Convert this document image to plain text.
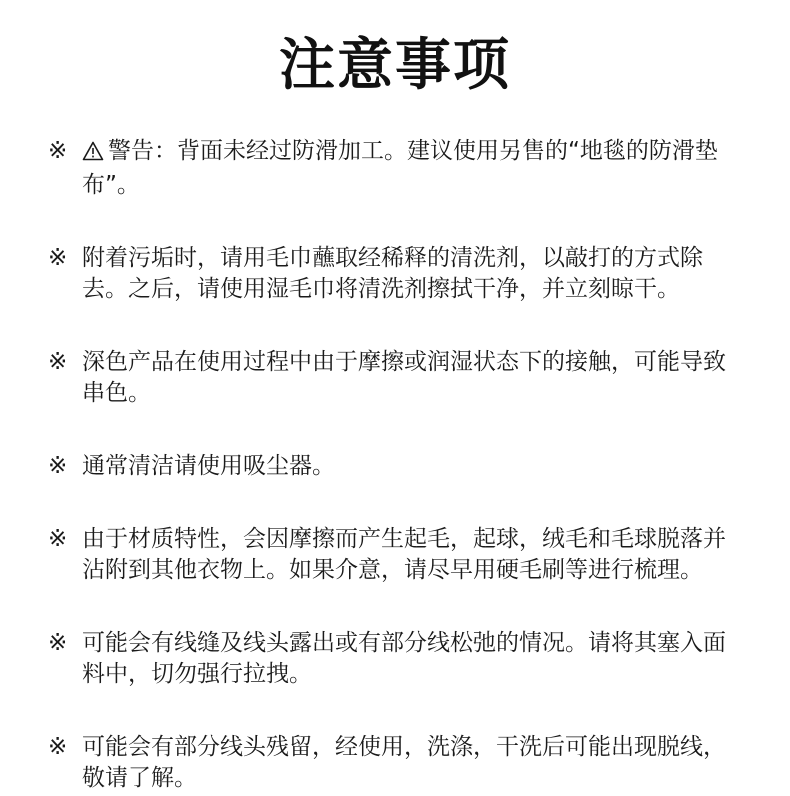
注意事项
※	警告：背面未经过防滑加工。建议使用另售的“地毯的防滑垫布”。
※ 附着污垢时，请用毛巾蘸取经稀释的清洗剂，以敲打的方式除去。之后，请使用湿毛巾将清洗剂擦拭干净，并立刻晾干。
※ 深色产品在使用过程中由于摩擦或润湿状态下的接触，可能导致串色。
※ 通常清洁请使用吸尘器。
※ 由于材质特性，会因摩擦而产生起毛，起球，绒毛和毛球脱落并沾附到其他衣物上。如果介意，请尽早用硬毛刷等进行梳理。
※ 可能会有线缝及线头露出或有部分线松弛的情况。请将其塞入面料中，切勿强行拉拽。
※ 可能会有部分线头残留，经使用，洗涤，干洗后可能出现脱线，敬请了解。
